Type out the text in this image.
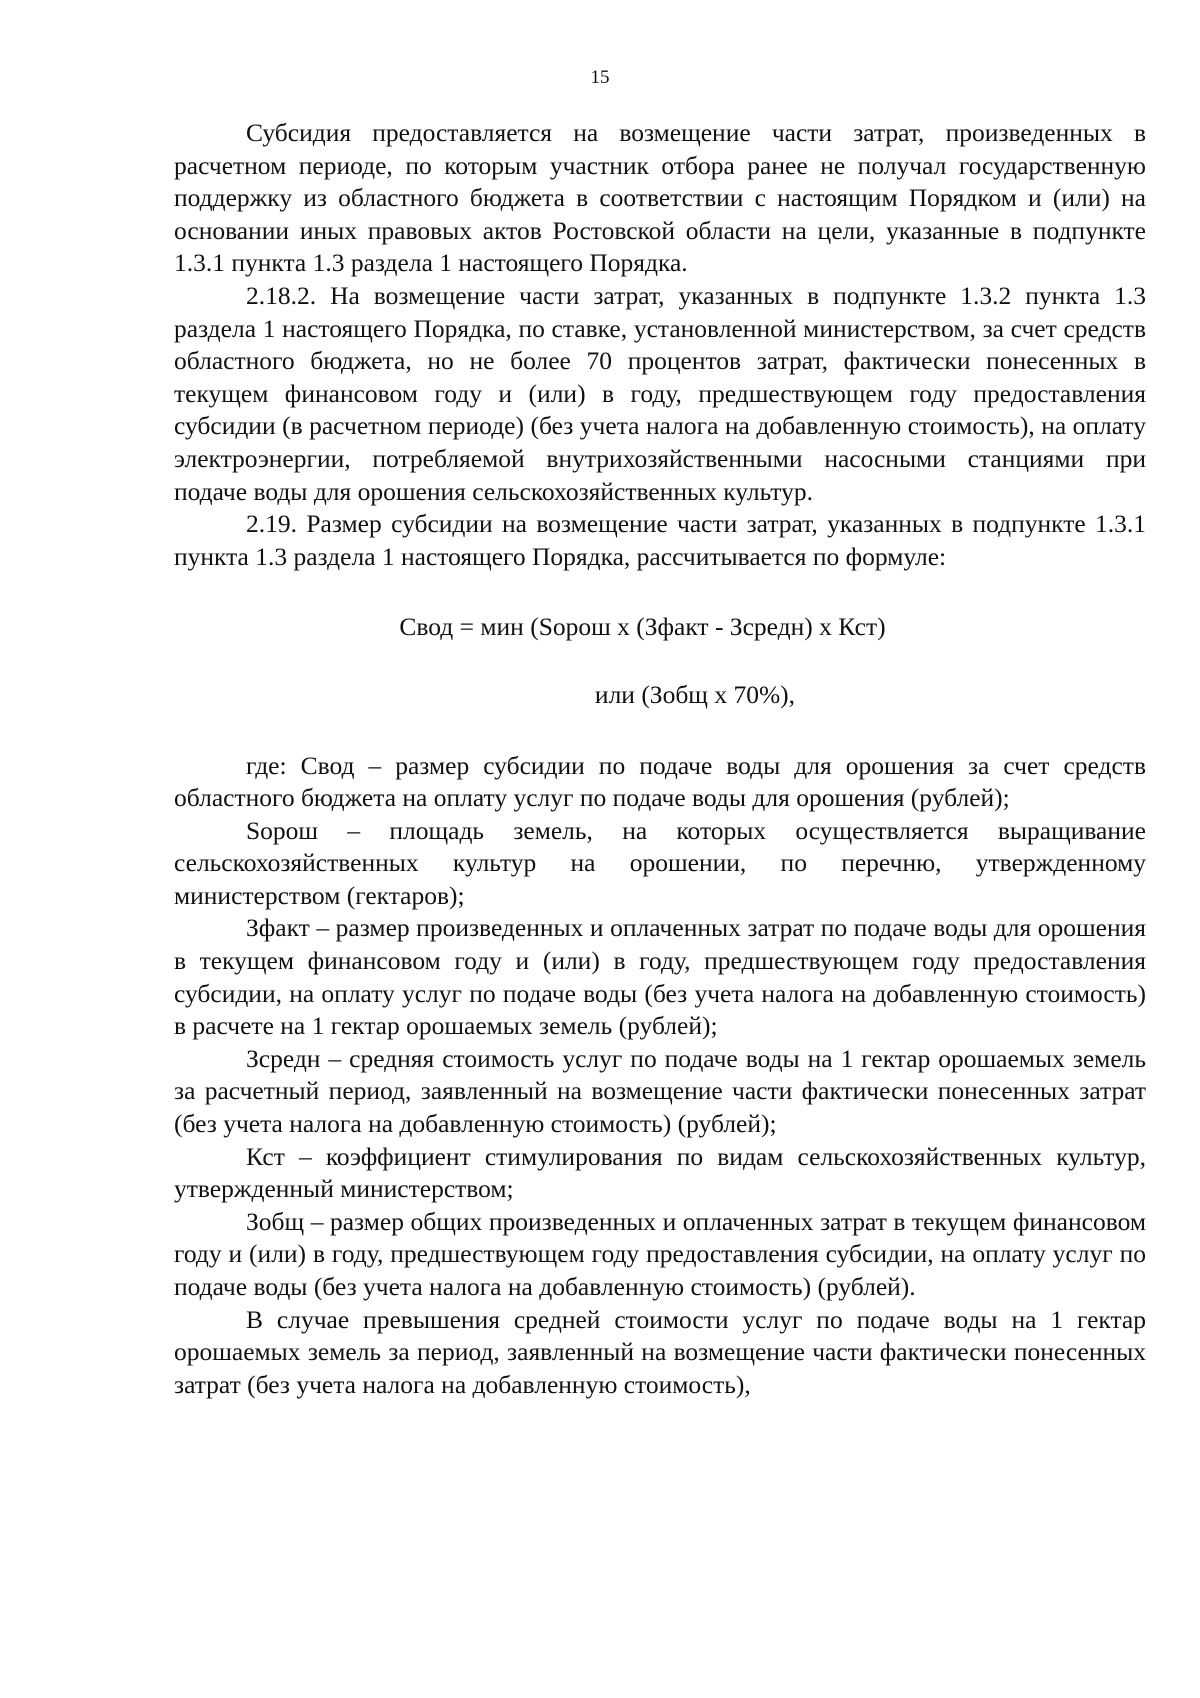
15

Субсидия предоставляется на возмещение части затрат, произведенных в расчетном периоде, по которым участник отбора ранее не получал государственную поддержку из областного бюджета в соответствии с настоящим Порядком и (или) на основании иных правовых актов Ростовской области на цели, указанные в подпункте 1.3.1 пункта 1.3 раздела 1 настоящего Порядка.

2.18.2. На возмещение части затрат, указанных в подпункте 1.3.2 пункта 1.3 раздела 1 настоящего Порядка, по ставке, установленной министерством, за счет средств областного бюджета, но не более 70 процентов затрат, фактически понесенных в текущем финансовом году и (или) в году, предшествующем году предоставления субсидии (в расчетном периоде) (без учета налога на добавленную стоимость), на оплату электроэнергии, потребляемой внутрихозяйственными насосными станциями при подаче воды для орошения сельскохозяйственных культур.

2.19. Размер субсидии на возмещение части затрат, указанных в подпункте 1.3.1 пункта 1.3 раздела 1 настоящего Порядка, рассчитывается по формуле:

Свод = мин (Sорош x (Зфакт - Зсредн) x Кст)

или (Зобщ x 70%),

где: Свод – размер субсидии по подаче воды для орошения за счет средств областного бюджета на оплату услуг по подаче воды для орошения (рублей);

Sорош – площадь земель, на которых осуществляется выращивание сельскохозяйственных культур на орошении, по перечню, утвержденному министерством (гектаров);

Зфакт – размер произведенных и оплаченных затрат по подаче воды для орошения в текущем финансовом году и (или) в году, предшествующем году предоставления субсидии, на оплату услуг по подаче воды (без учета налога на добавленную стоимость) в расчете на 1 гектар орошаемых земель (рублей);

Зсредн – средняя стоимость услуг по подаче воды на 1 гектар орошаемых земель за расчетный период, заявленный на возмещение части фактически понесенных затрат (без учета налога на добавленную стоимость) (рублей);

Кст – коэффициент стимулирования по видам сельскохозяйственных культур, утвержденный министерством;

Зобщ – размер общих произведенных и оплаченных затрат в текущем финансовом году и (или) в году, предшествующем году предоставления субсидии, на оплату услуг по подаче воды (без учета налога на добавленную стоимость) (рублей).

В случае превышения средней стоимости услуг по подаче воды на 1 гектар орошаемых земель за период, заявленный на возмещение части фактически понесенных затрат (без учета налога на добавленную стоимость),
